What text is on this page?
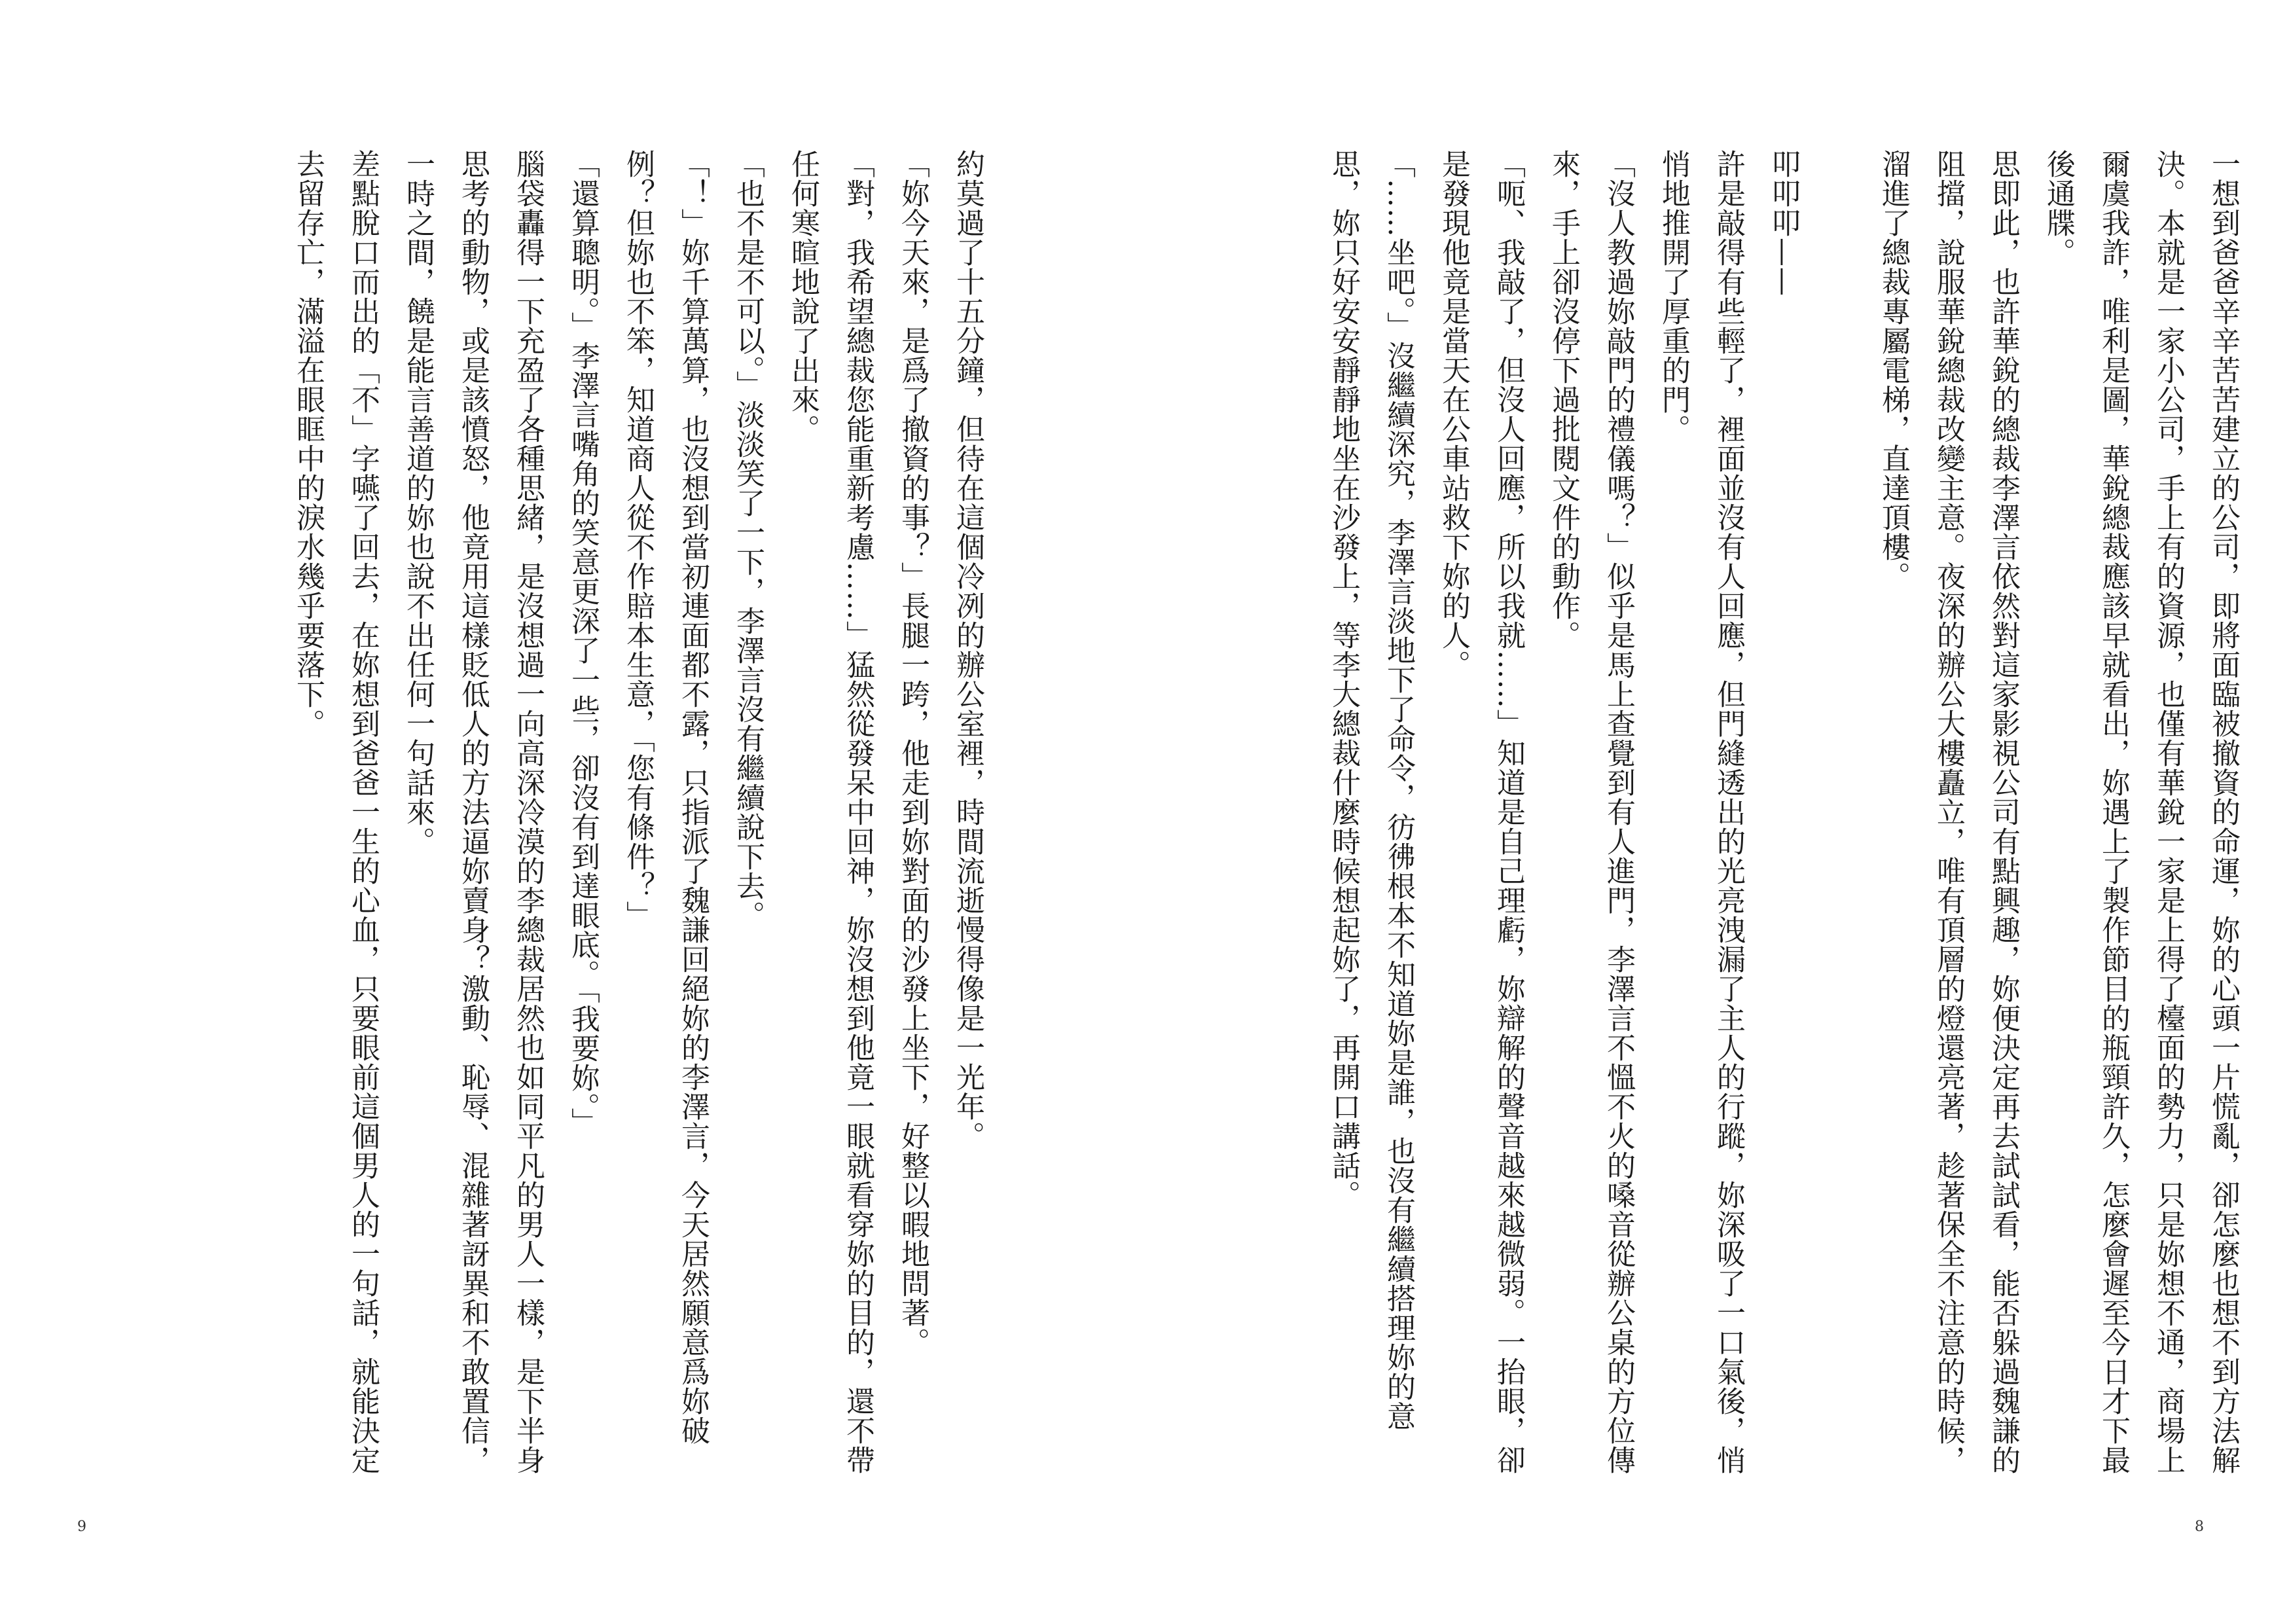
約莫過了十五分鐘，但待在這個冷冽的辦公室裡，時間流逝慢得像是一光年。

「妳今天來，是爲了撤資的事？」長腿一跨，他走到妳對面的沙發上坐下，好整以暇地問著。

「對，我希望總裁您能重新考慮……」猛然從發呆中回神，妳沒想到他竟一眼就看穿妳的目的，還不帶任何寒暄地說了出來。

「也不是不可以。」淡淡笑了一下，李澤言沒有繼續說下去。

「！」妳千算萬算，也沒想到當初連面都不露，只指派了魏謙回絕妳的李澤言，今天居然願意爲妳破例？但妳也不笨，知道商人從不作賠本生意，「您有條件？」

「還算聰明。」李澤言嘴角的笑意更深了一些，卻沒有到達眼底。「我要妳。」

腦袋轟得一下充盈了各種思緒，是沒想過一向高深冷漠的李總裁居然也如同平凡的男人一樣，是下半身思考的動物，或是該憤怒，他竟用這樣貶低人的方法逼妳賣身？激動、恥辱、混雜著訝異和不敢置信，一時之間，饒是能言善道的妳也說不出任何一句話來。

差點脫口而出的「不」字嚥了回去，在妳想到爸爸一生的心血，只要眼前這個男人的一句話，就能決定去留存亡，滿溢在眼眶中的淚水幾乎要落下。

9

一想到爸爸辛辛苦苦建立的公司，即將面臨被撤資的命運，妳的心頭一片慌亂，卻怎麼也想不到方法解決。本就是一家小公司，手上有的資源，也僅有華銳一家是上得了檯面的勢力，只是妳想不通，商場上爾虞我詐，唯利是圖，華銳總裁應該早就看出，妳遇上了製作節目的瓶頸許久，怎麼會遲至今日才下最後通牒。

思即此，也許華銳的總裁李澤言依然對這家影視公司有點興趣，妳便決定再去試試看，能否躲過魏謙的阻擋，說服華銳總裁改變主意。夜深的辦公大樓矗立，唯有頂層的燈還亮著，趁著保全不注意的時候，溜進了總裁專屬電梯，直達頂樓。

叩叩叩——

許是敲得有些輕了，裡面並沒有人回應，但門縫透出的光亮洩漏了主人的行蹤，妳深吸了一口氣後，悄悄地推開了厚重的門。

「沒人教過妳敲門的禮儀嗎？」似乎是馬上查覺到有人進門，李澤言不慍不火的嗓音從辦公桌的方位傳來，手上卻沒停下過批閱文件的動作。

「呃、我敲了，但沒人回應，所以我就……」知道是自己理虧，妳辯解的聲音越來越微弱。一抬眼，卻是發現他竟是當天在公車站救下妳的人。

「……坐吧。」沒繼續深究，李澤言淡地下了命令，彷彿根本不知道妳是誰，也沒有繼續搭理妳的意思，妳只好安安靜靜地坐在沙發上，等李大總裁什麼時候想起妳了，再開口講話。

8
